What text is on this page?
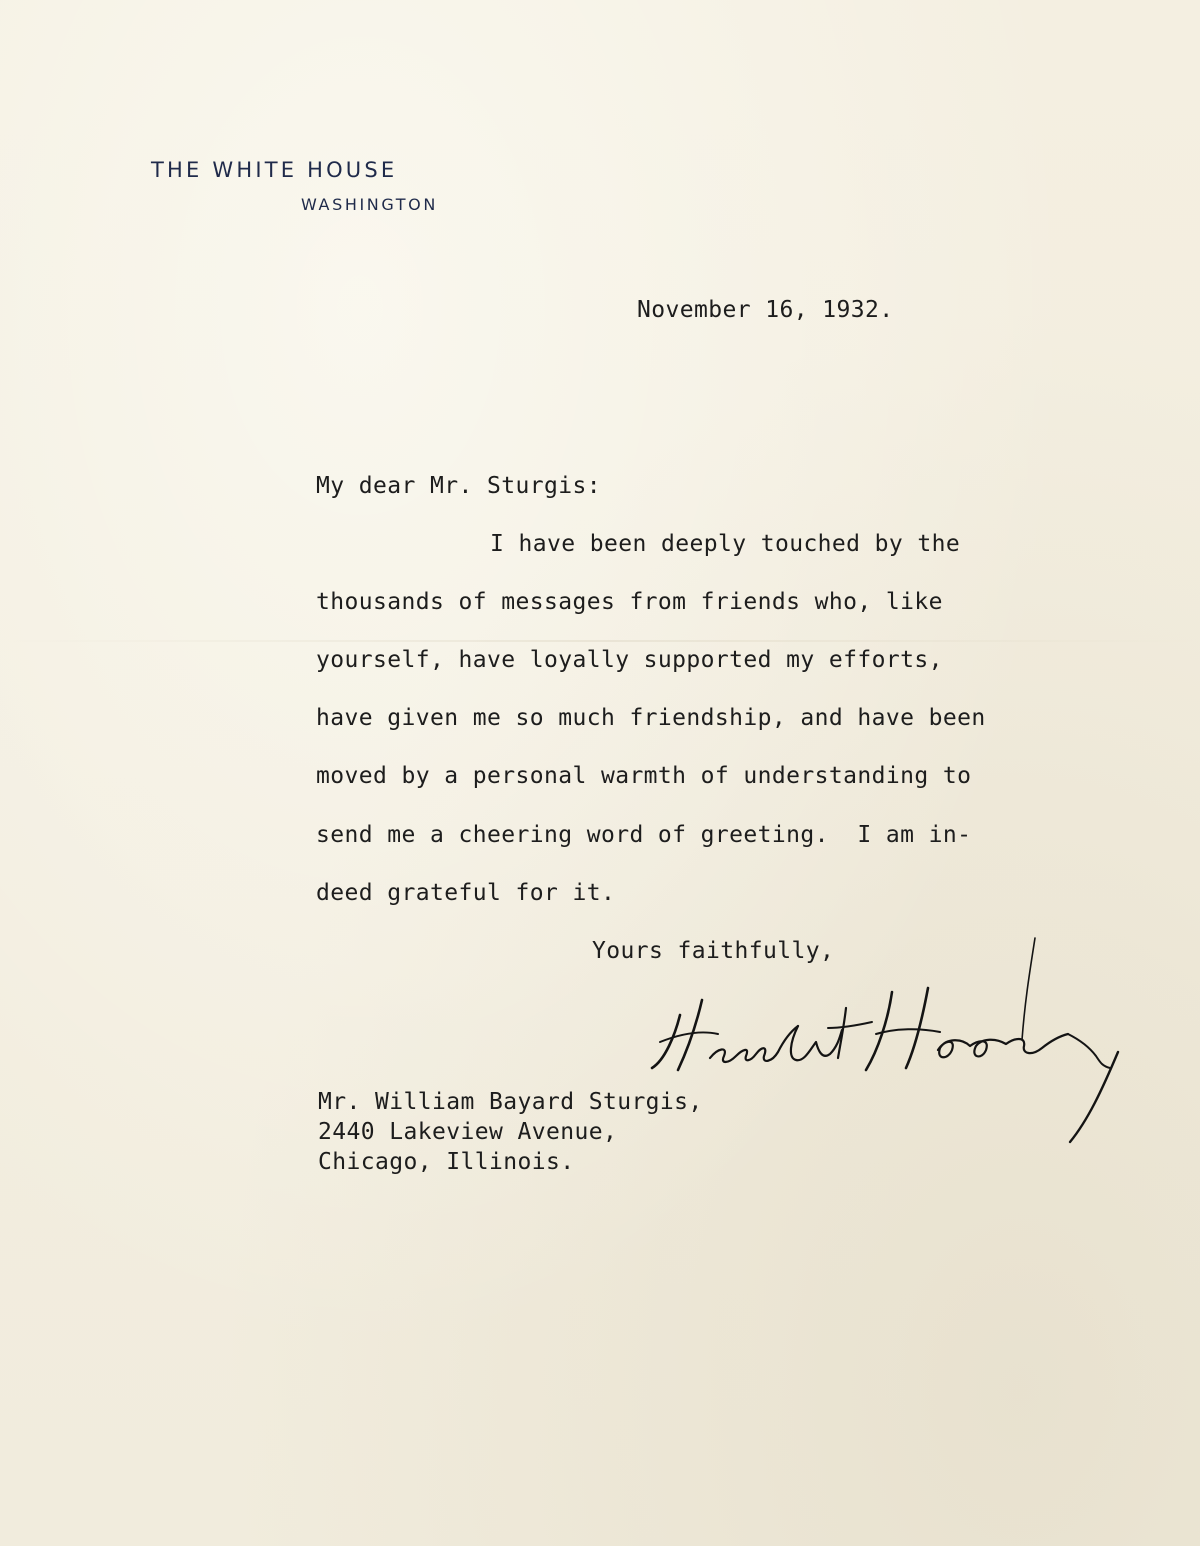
THE WHITE HOUSE
WASHINGTON
November 16, 1932.
My dear Mr. Sturgis:
I have been deeply touched by the
thousands of messages from friends who, like
yourself, have loyally supported my efforts,
have given me so much friendship, and have been
moved by a personal warmth of understanding to
send me a cheering word of greeting.  I am in-
deed grateful for it.
Yours faithfully,
Mr. William Bayard Sturgis,
2440 Lakeview Avenue,
Chicago, Illinois.
